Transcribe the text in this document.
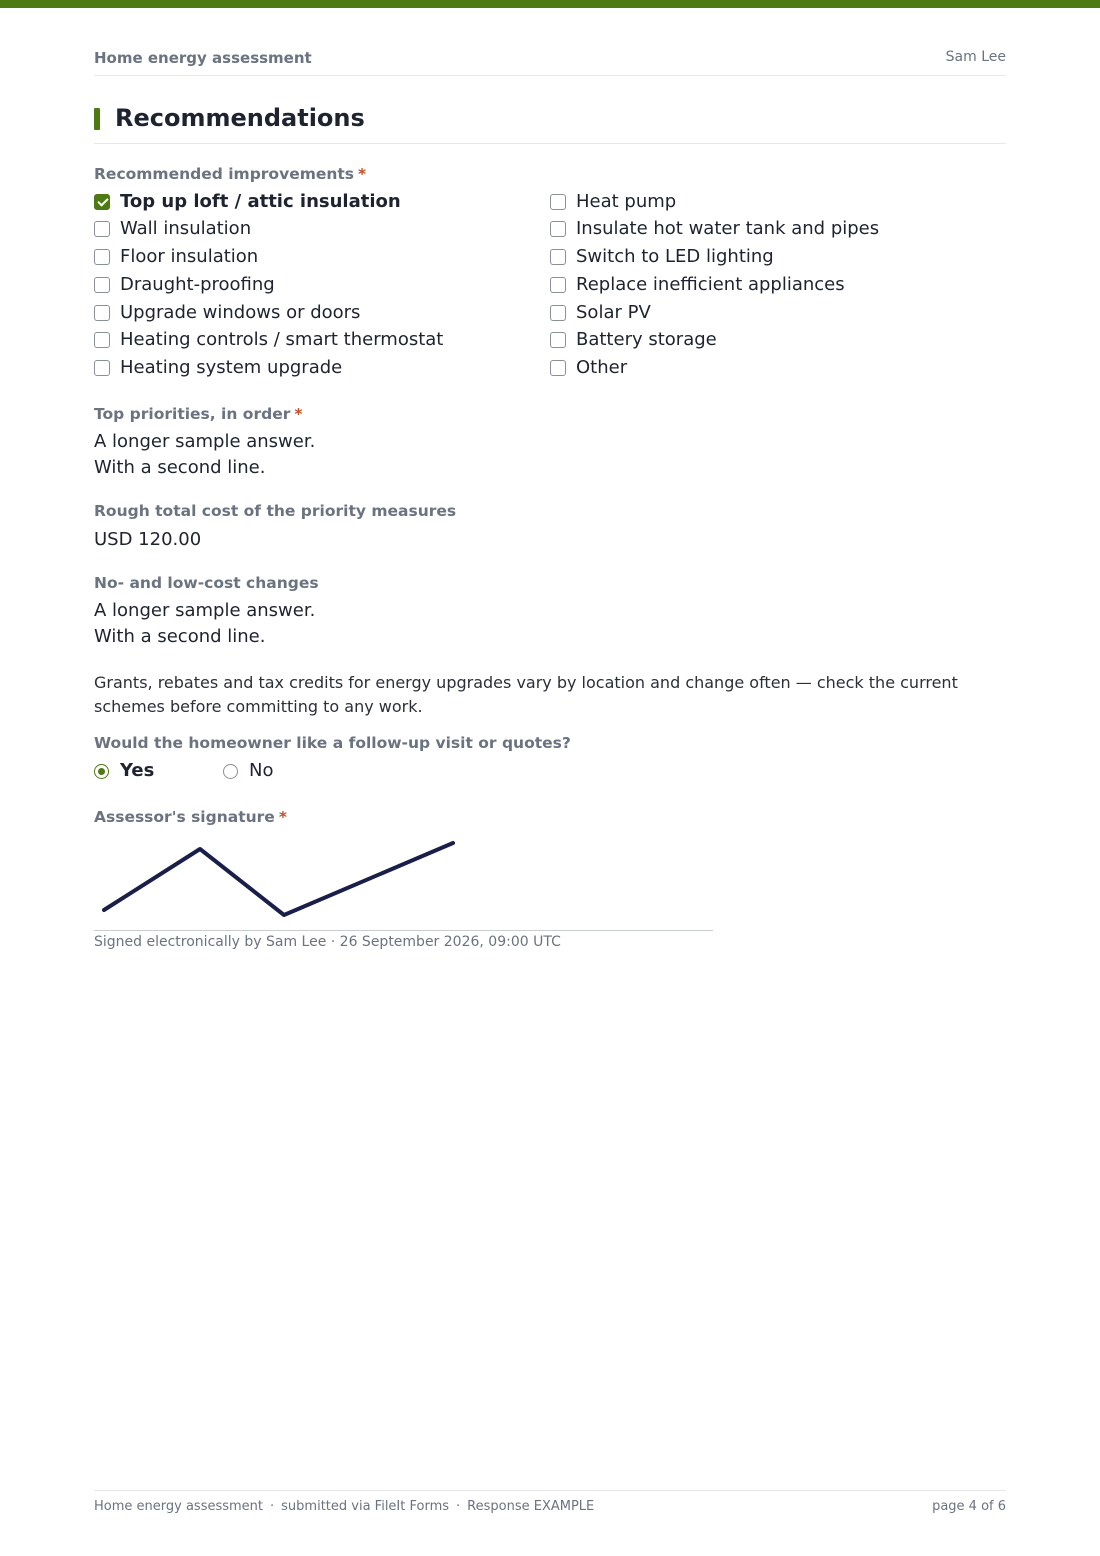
Home energy assessment	Sam Lee
Recommendations
Recommended improvements *
Top up loft / attic insulation
Wall insulation
Floor insulation
Draught-proofing
Upgrade windows or doors
Heating controls / smart thermostat
Heating system upgrade
Heat pump
Insulate hot water tank and pipes
Switch to LED lighting
Replace inefficient appliances
Solar PV
Battery storage
Other
Top priorities, in order *
A longer sample answer.
With a second line.
Rough total cost of the priority measures
USD 120.00
No- and low-cost changes
A longer sample answer.
With a second line.
Grants, rebates and tax credits for energy upgrades vary by location and change often — check the current schemes before committing to any work.
Would the homeowner like a follow-up visit or quotes?
Yes	No
Assessor's signature *
Signed electronically by Sam Lee · 26 September 2026, 09:00 UTC
Home energy assessment · submitted via FileIt Forms · Response EXAMPLE	page 4 of 6
